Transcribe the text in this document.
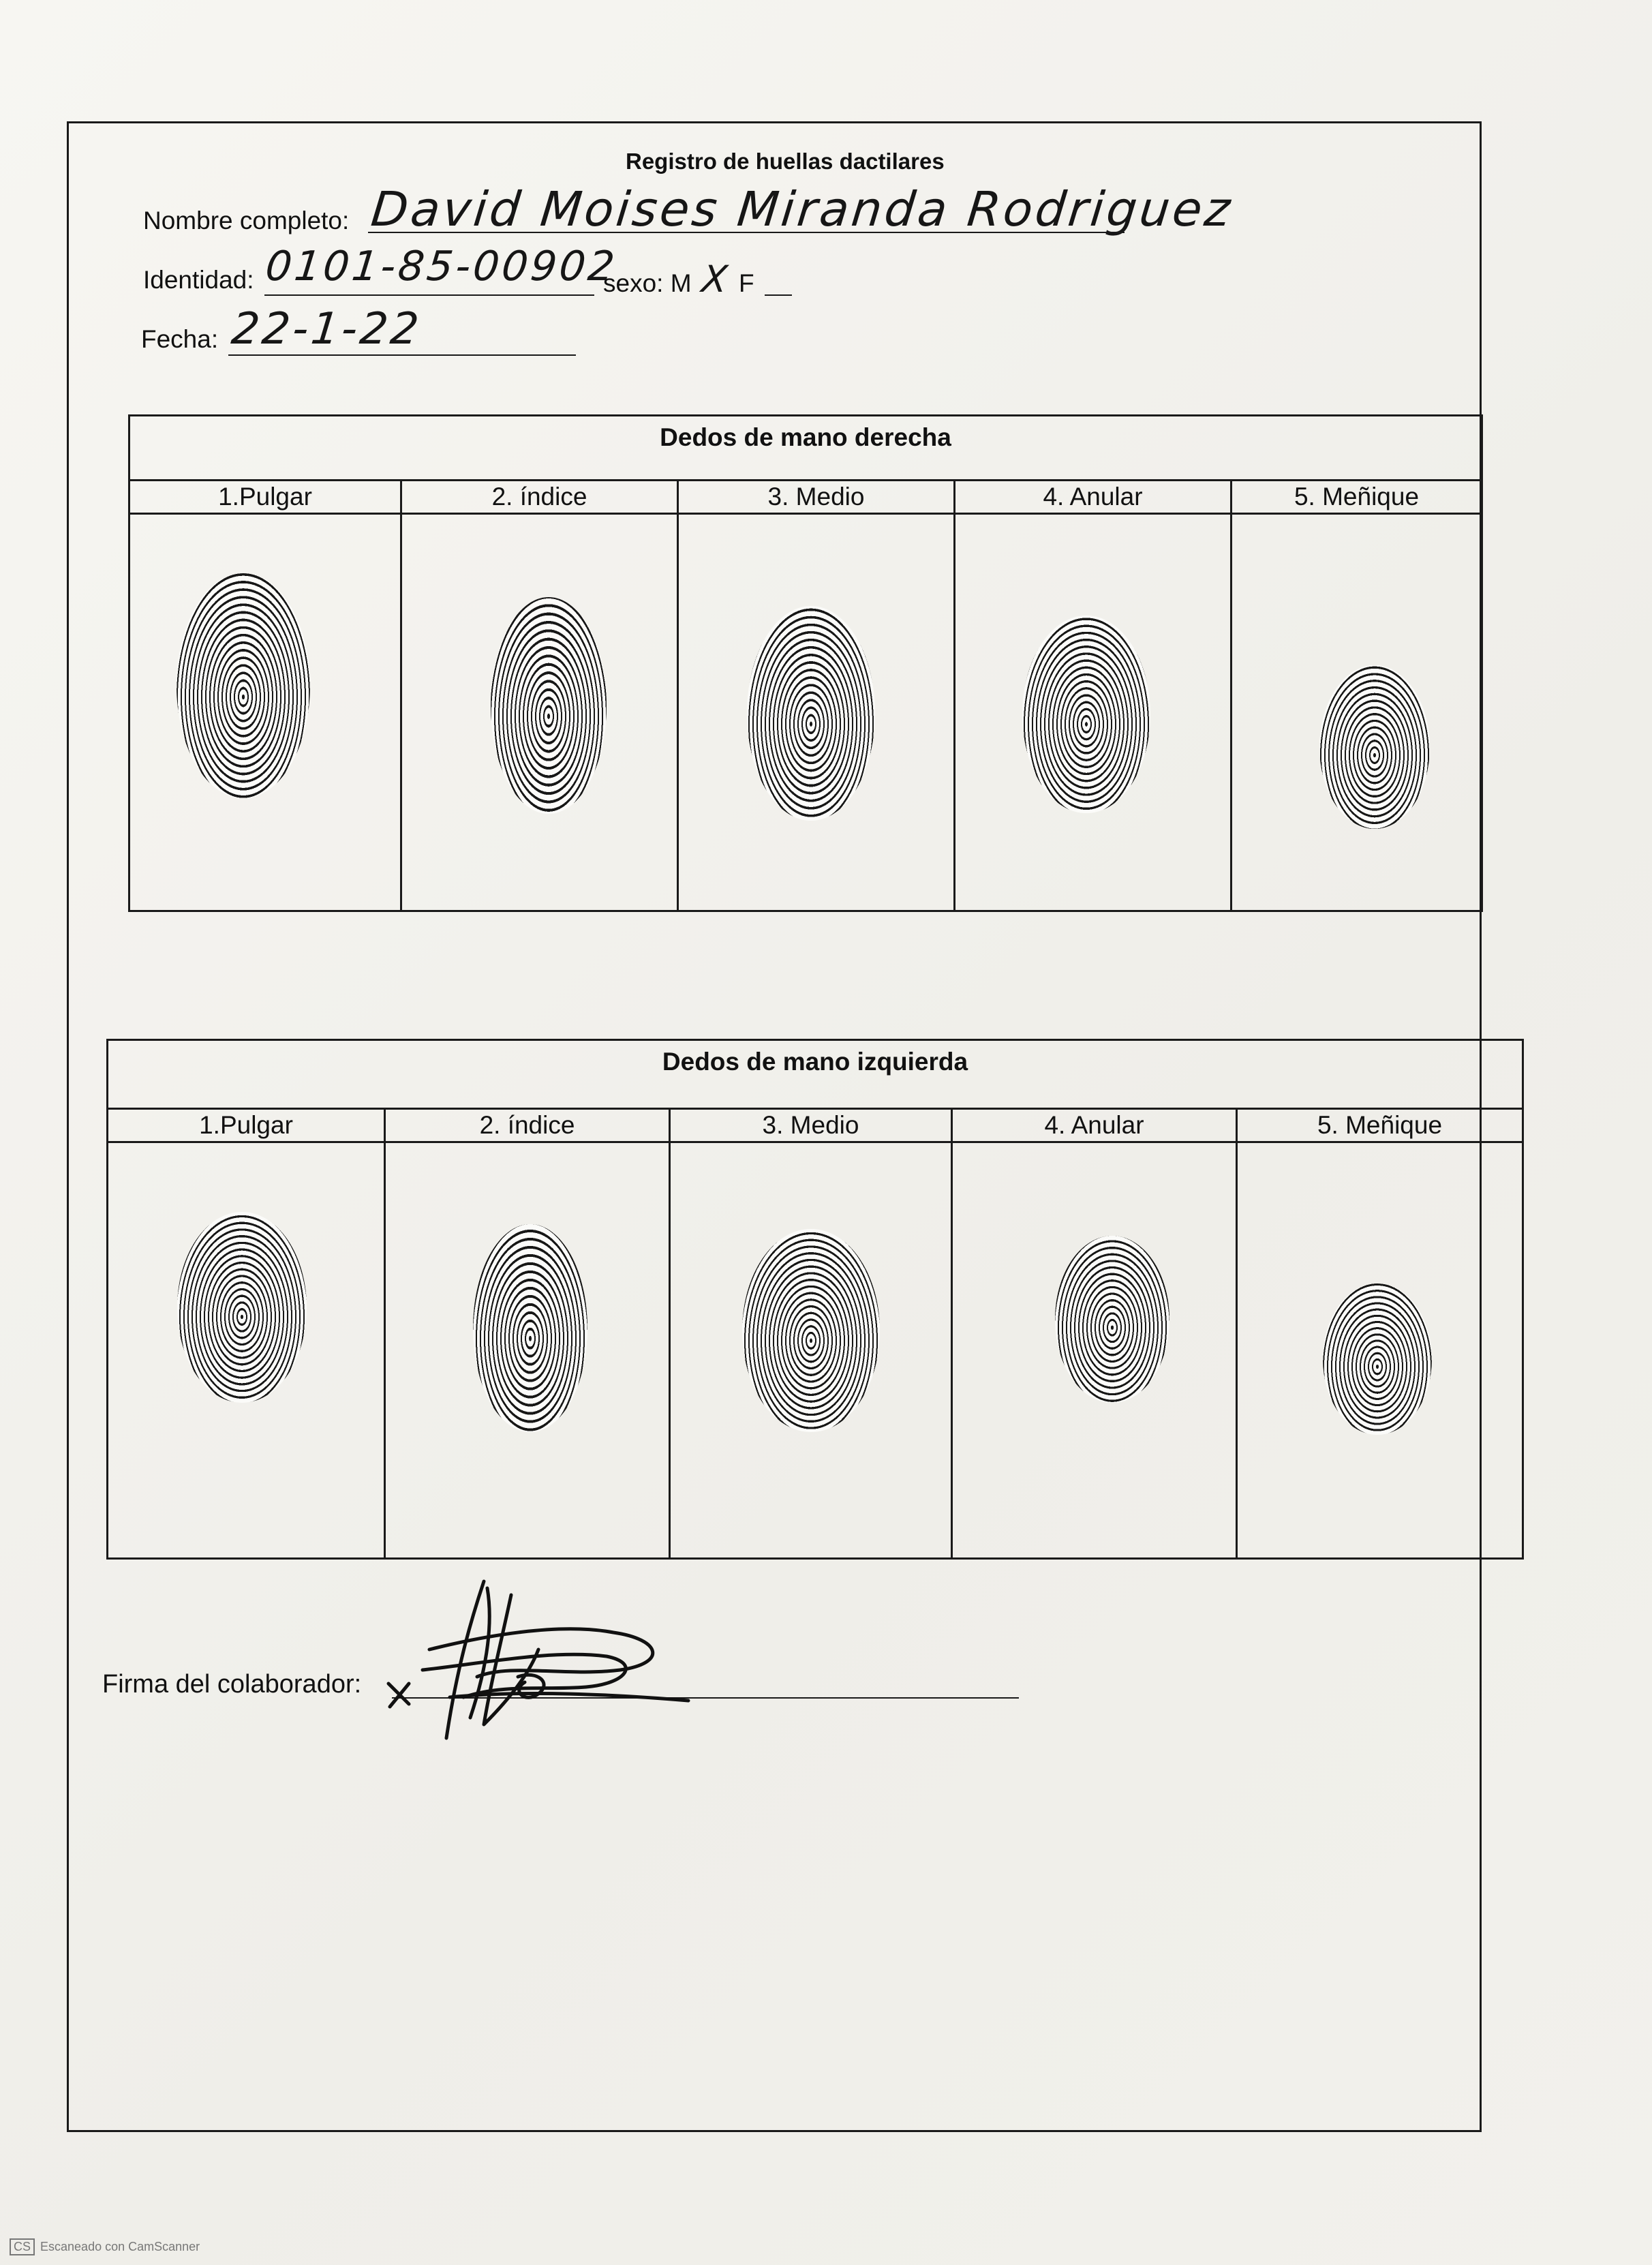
Registro de huellas dactilares
Nombre completo: David Moises Miranda Rodriguez
Identidad: 0101-85-00902
sexo: M X F
Fecha: 22-1-22
Dedos de mano derecha
1.Pulgar	2. índice	3. Medio	4. Anular	5. Meñique
Dedos de mano izquierda
1.Pulgar	2. índice	3. Medio	4. Anular	5. Meñique
Firma del colaborador:
CS Escaneado con CamScanner
